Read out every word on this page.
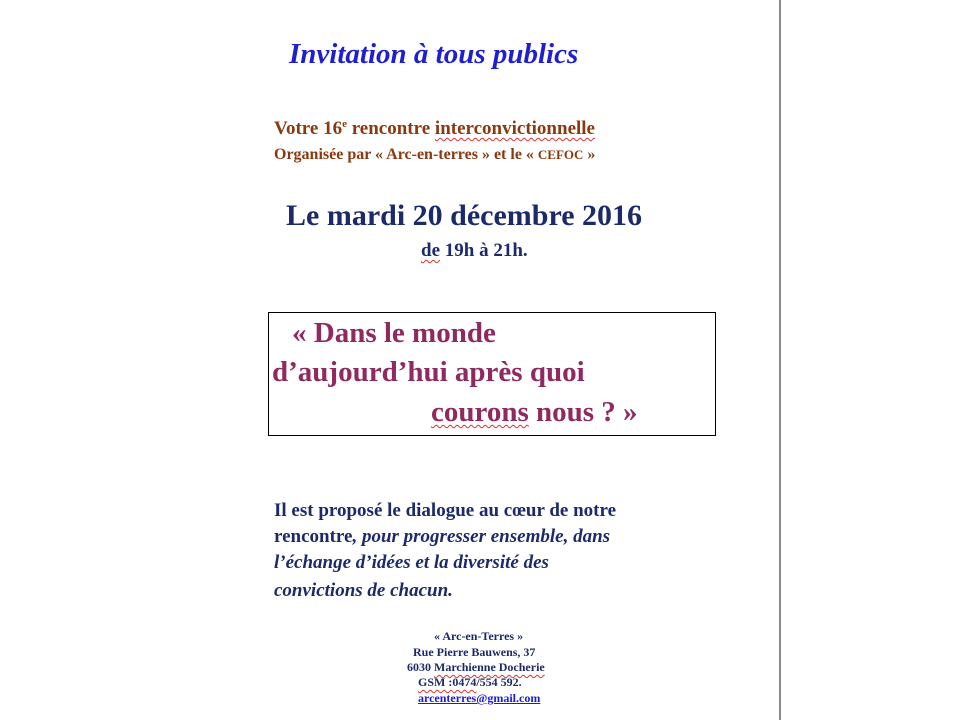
Invitation à tous publics
Votre 16e rencontre interconvictionnelle
Organisée par « Arc-en-terres » et le « CEFOC »
Le mardi 20 décembre 2016
de 19h à 21h.
« Dans le monde
d’aujourd’hui après quoi
courons nous ? »
Il est proposé le dialogue au cœur de notre
rencontre, pour progresser ensemble, dans
l’échange d’idées et la diversité des
convictions de chacun.
« Arc-en-Terres »
Rue Pierre Bauwens, 37
6030 Marchienne Docherie
GSM :0474/554 592.
arcenterres@gmail.com
